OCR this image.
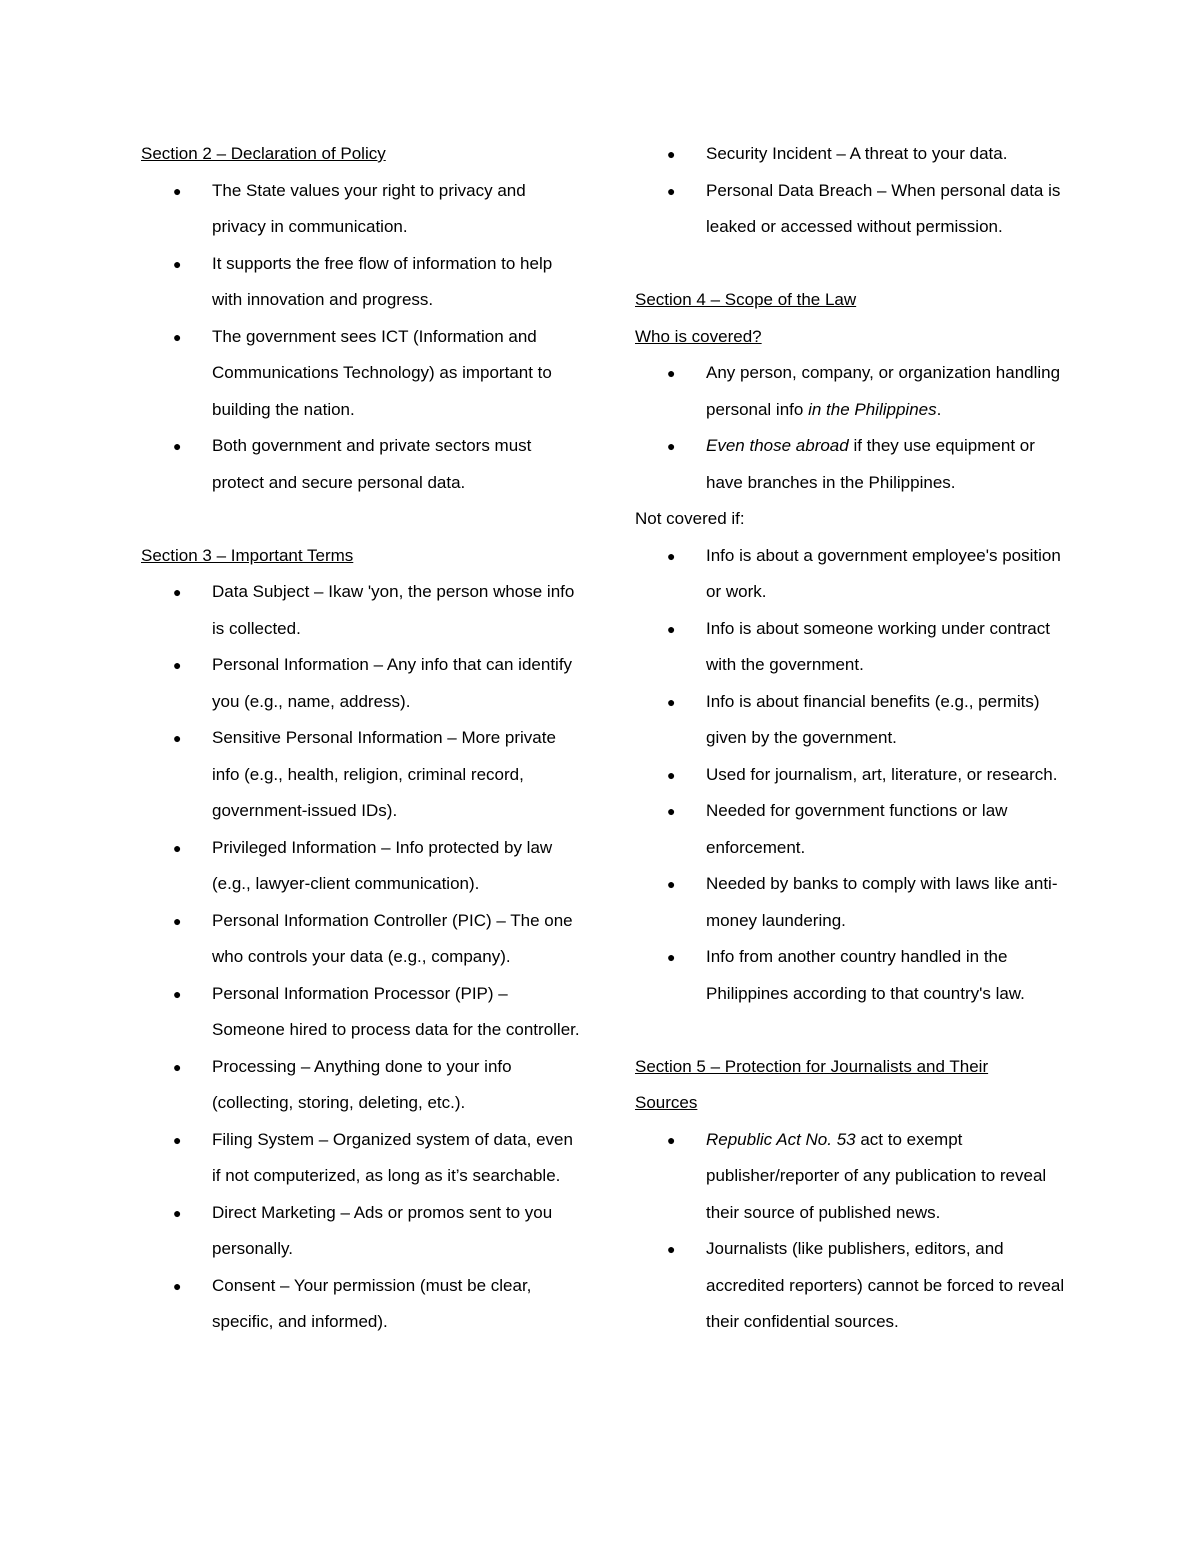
Section 2 – Declaration of Policy
● The State values your right to privacy and privacy in communication.
● It supports the free flow of information to help with innovation and progress.
● The government sees ICT (Information and Communications Technology) as important to building the nation.
● Both government and private sectors must protect and secure personal data.
Section 3 – Important Terms
● Data Subject – Ikaw 'yon, the person whose info is collected.
● Personal Information – Any info that can identify you (e.g., name, address).
● Sensitive Personal Information – More private info (e.g., health, religion, criminal record, government-issued IDs).
● Privileged Information – Info protected by law (e.g., lawyer-client communication).
● Personal Information Controller (PIC) – The one who controls your data (e.g., company).
● Personal Information Processor (PIP) – Someone hired to process data for the controller.
● Processing – Anything done to your info (collecting, storing, deleting, etc.).
● Filing System – Organized system of data, even if not computerized, as long as it’s searchable.
● Direct Marketing – Ads or promos sent to you personally.
● Consent – Your permission (must be clear, specific, and informed).
● Security Incident – A threat to your data.
● Personal Data Breach – When personal data is leaked or accessed without permission.
Section 4 – Scope of the Law
Who is covered?
● Any person, company, or organization handling personal info in the Philippines.
● Even those abroad if they use equipment or have branches in the Philippines.
Not covered if:
● Info is about a government employee's position or work.
● Info is about someone working under contract with the government.
● Info is about financial benefits (e.g., permits) given by the government.
● Used for journalism, art, literature, or research.
● Needed for government functions or law enforcement.
● Needed by banks to comply with laws like anti-money laundering.
● Info from another country handled in the Philippines according to that country's law.
Section 5 – Protection for Journalists and Their Sources
● Republic Act No. 53 act to exempt publisher/reporter of any publication to reveal their source of published news.
● Journalists (like publishers, editors, and accredited reporters) cannot be forced to reveal their confidential sources.
